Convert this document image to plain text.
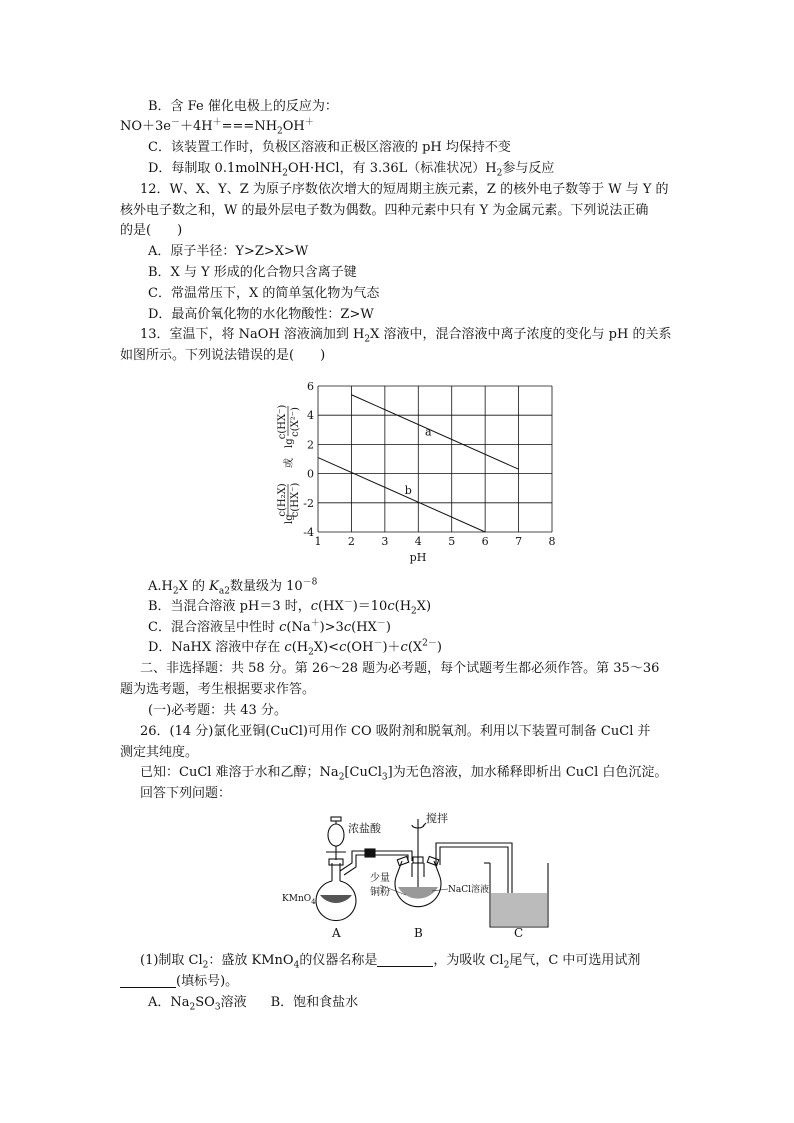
B．含 Fe 催化电极上的反应为：
$NO+3e^-+4H^+===NH_2OH^+$
C．该装置工作时，负极区溶液和正极区溶液的 pH 均保持不变
D．每制取 0.1molNH$_2$OH·HCl，有 3.36L（标准状况）$H_2$参与反应
12．W、X、Y、Z 为原子序数依次增大的短周期主族元素，Z 的核外电子数等于 W 与 Y 的
核外电子数之和，W 的最外层电子数为偶数。四种元素中只有 Y 为金属元素。下列说法正确
的是(　　)
A．原子半径：Y>Z>X>W
B．X 与 Y 形成的化合物只含离子键
C．常温常压下，X 的简单氢化物为气态
D．最高价氧化物的水化物酸性：Z>W
13．室温下，将 NaOH 溶液滴加到 $H_2X$ 溶液中，混合溶液中离子浓度的变化与 pH 的关系
如图所示。下列说法错误的是(　　)
1 2 3 4 5 6 7 8
-4
-2
0
2
4
6
a
b
pH
lg
c(H₂X) c(HX⁻)
或
lg
c(HX⁻) c(X²⁻)
$A.H_2X$ 的 $K_{a2}$数量级为 $10^{-8}$
B．当混合溶液 pH＝3 时，$c(HX^-)=10c(H_2X)$
C．混合溶液呈中性时 c(Na＋)>3c(HX－)
D．NaHX 溶液中存在 $c(H_2X)<c(OH^-)+c(X^{2-})$
二、非选择题：共 58 分。第 26～28 题为必考题，每个试题考生都必须作答。第 35～36
题为选考题，考生根据要求作答。
(一)必考题：共 43 分。
26．(14 分)氯化亚铜(CuCl)可用作 CO 吸附剂和脱氧剂。利用以下装置可制备 CuCl 并
测定其纯度。
已知：CuCl 难溶于水和乙醇；$Na_2[CuCl_3]$为无色溶液，加水稀释即析出 CuCl 白色沉淀。
回答下列问题：
浓盐酸
搅拌
KMnO$_4$
少量
铜粉	NaCl溶液
A	B	C
(1)制取 $Cl_2$：盛放 KMnO$_4$的仪器名称是	，为吸收 $Cl_2$尾气，C 中可选用试剂
(填标号)。
A．$Na_2SO_3$溶液 B．饱和食盐水
